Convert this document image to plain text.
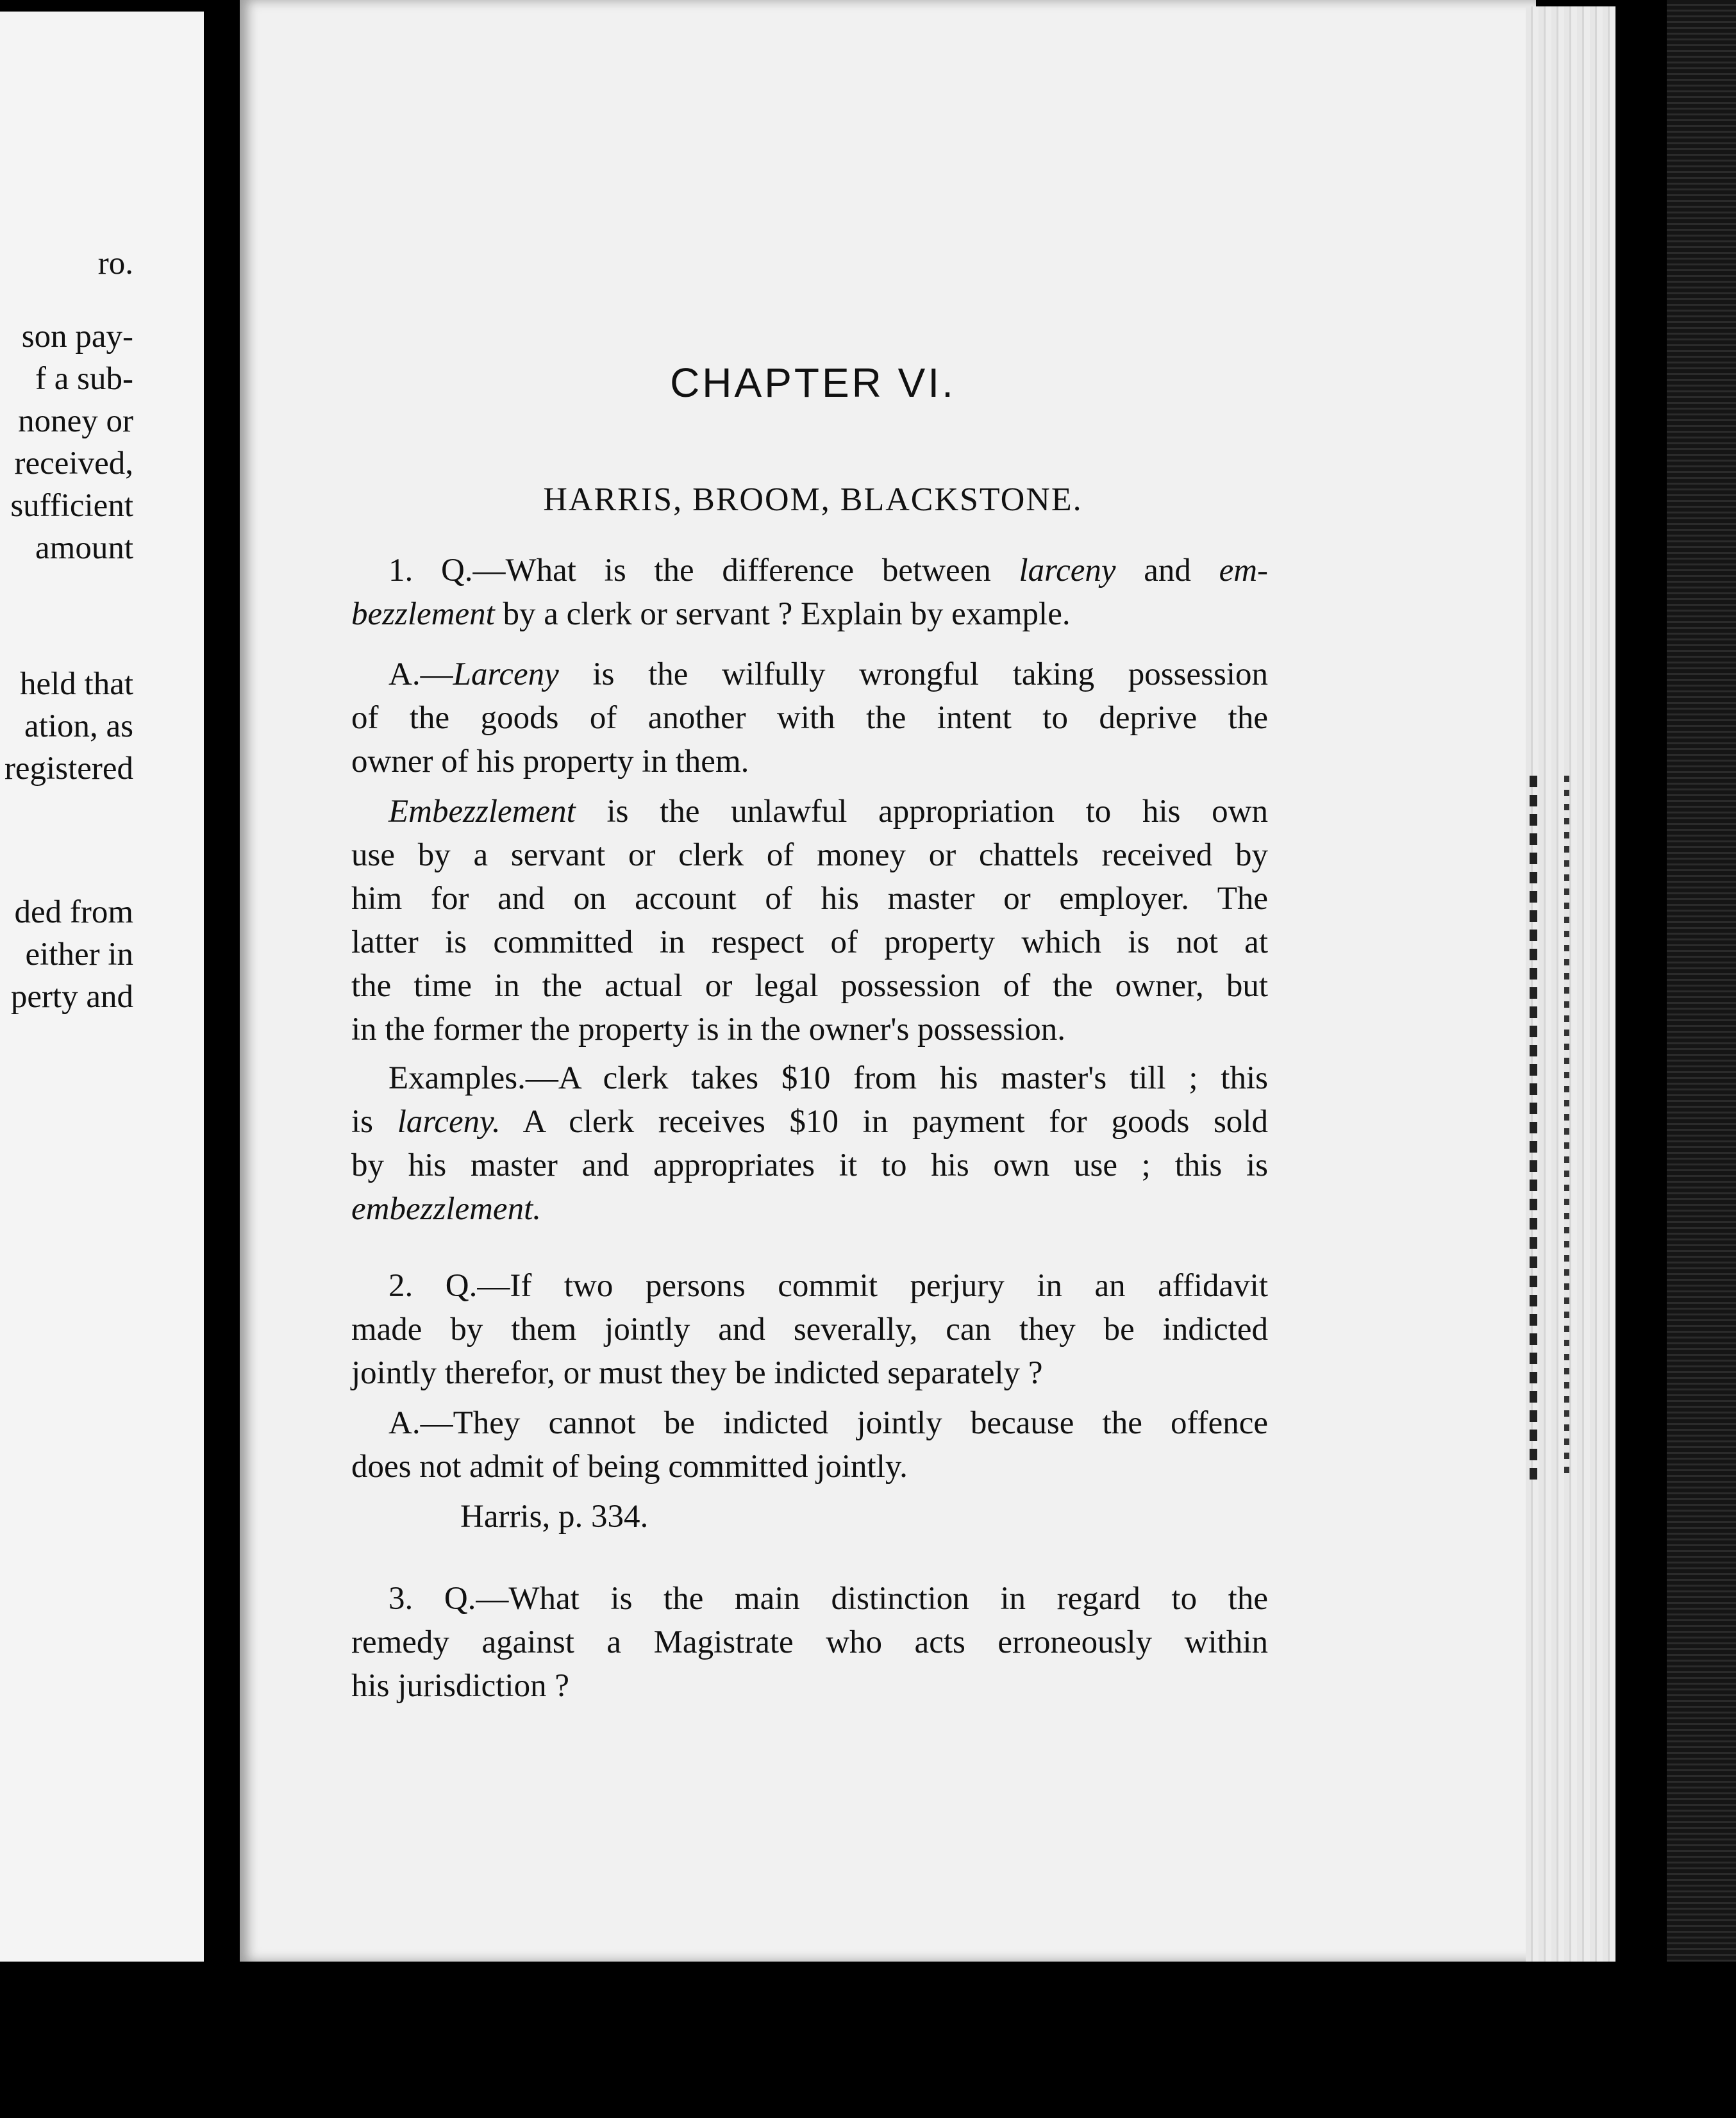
ro.
son pay-
f a sub-
noney or
received,
sufficient
amount
held that
ation, as
registered
ded from
either in
perty and
CHAPTER VI.
HARRIS, BROOM, BLACKSTONE.
1. Q.—What is the difference between larceny and em-
bezzlement by a clerk or servant ? Explain by example.
A.—Larceny is the wilfully wrongful taking possession
of the goods of another with the intent to deprive the
owner of his property in them.
Embezzlement is the unlawful appropriation to his own
use by a servant or clerk of money or chattels received by
him for and on account of his master or employer. The
latter is committed in respect of property which is not at
the time in the actual or legal possession of the owner, but
in the former the property is in the owner's possession.
Examples.—A clerk takes $10 from his master's till ; this
is larceny. A clerk receives $10 in payment for goods sold
by his master and appropriates it to his own use ; this is
embezzlement.
2. Q.—If two persons commit perjury in an affidavit
made by them jointly and severally, can they be indicted
jointly therefor, or must they be indicted separately ?
A.—They cannot be indicted jointly because the offence
does not admit of being committed jointly.
Harris, p. 334.
3. Q.—What is the main distinction in regard to the
remedy against a Magistrate who acts erroneously within
his jurisdiction ?
